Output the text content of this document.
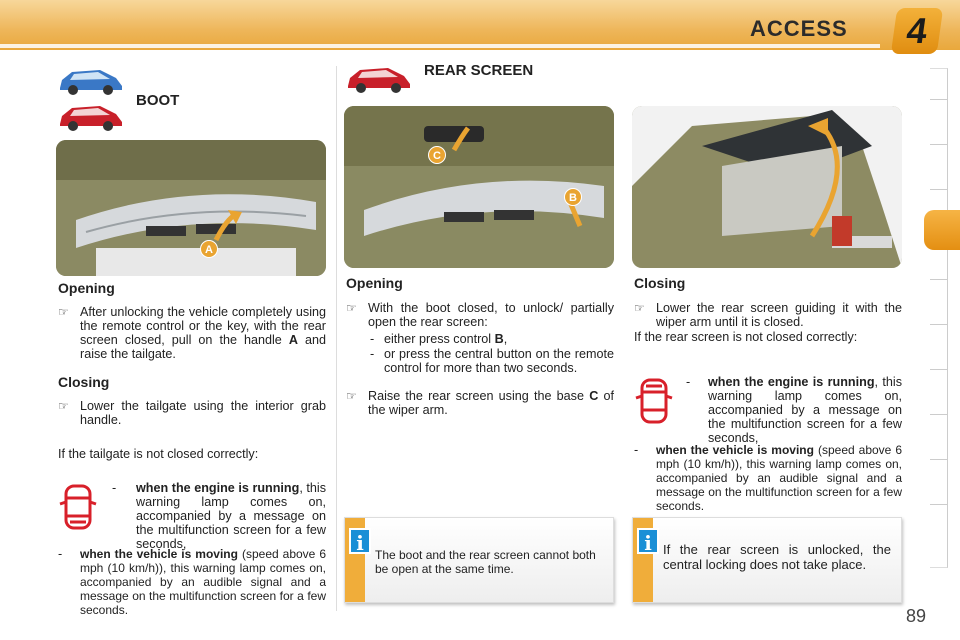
ACCESS	4
BOOT
A
Opening
☞ After unlocking the vehicle completely using the remote control or the key, with the rear screen closed, pull on the handle A and raise the tailgate.
Closing
☞ Lower the tailgate using the interior grab handle.
If the tailgate is not closed correctly:
-	when the engine is running, this warning lamp comes on, accompanied by a message on the multifunction screen for a few seconds,
-	when the vehicle is moving (speed above 6 mph (10 km/h)), this warning lamp comes on, accompanied by an audible signal and a message on the multifunction screen for a few seconds.
REAR SCREEN
C
B
Opening
☞ With the boot closed, to unlock/ partially open the rear screen:
- either press control B,
- or press the central button on the remote control for more than two seconds.
☞ Raise the rear screen using the base C of the wiper arm.
Closing
☞ Lower the rear screen guiding it with the wiper arm until it is closed.
If the rear screen is not closed correctly:
-	when the engine is running, this warning lamp comes on, accompanied by a message on the multifunction screen for a few seconds,
-	when the vehicle is moving (speed above 6 mph (10 km/h)), this warning lamp comes on, accompanied by an audible signal and a message on the multifunction screen for a few seconds.
i The boot and the rear screen cannot both be open at the same time.
i If the rear screen is unlocked, the central locking does not take place.
89
